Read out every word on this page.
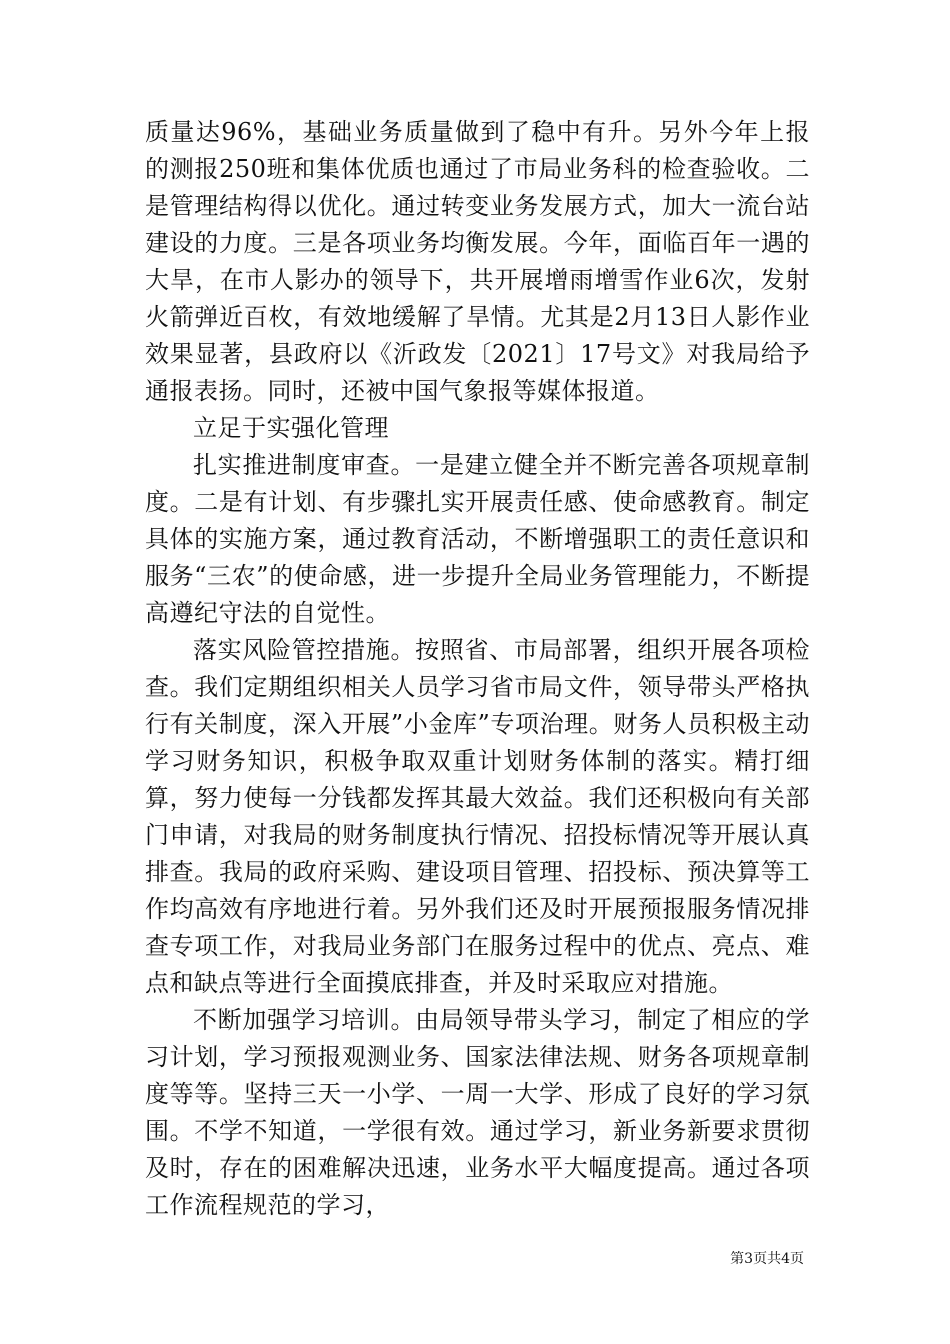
质量达96%，基础业务质量做到了稳中有升。另外今年上报的测报250班和集体优质也通过了市局业务科的检查验收。二是管理结构得以优化。通过转变业务发展方式，加大一流台站建设的力度。三是各项业务均衡发展。今年，面临百年一遇的大旱，在市人影办的领导下，共开展增雨增雪作业6次，发射火箭弹近百枚，有效地缓解了旱情。尤其是2月13日人影作业效果显著，县政府以《沂政发〔2021〕17号文》对我局给予通报表扬。同时，还被中国气象报等媒体报道。

立足于实强化管理

扎实推进制度审查。一是建立健全并不断完善各项规章制度。二是有计划、有步骤扎实开展责任感、使命感教育。制定具体的实施方案，通过教育活动，不断增强职工的责任意识和服务“三农”的使命感，进一步提升全局业务管理能力，不断提高遵纪守法的自觉性。

落实风险管控措施。按照省、市局部署，组织开展各项检查。我们定期组织相关人员学习省市局文件，领导带头严格执行有关制度，深入开展”小金库”专项治理。财务人员积极主动学习财务知识，积极争取双重计划财务体制的落实。精打细算，努力使每一分钱都发挥其最大效益。我们还积极向有关部门申请，对我局的财务制度执行情况、招投标情况等开展认真排查。我局的政府采购、建设项目管理、招投标、预决算等工作均高效有序地进行着。另外我们还及时开展预报服务情况排查专项工作，对我局业务部门在服务过程中的优点、亮点、难点和缺点等进行全面摸底排查，并及时采取应对措施。

不断加强学习培训。由局领导带头学习，制定了相应的学习计划，学习预报观测业务、国家法律法规、财务各项规章制度等等。坚持三天一小学、一周一大学、形成了良好的学习氛围。不学不知道，一学很有效。通过学习，新业务新要求贯彻及时，存在的困难解决迅速，业务水平大幅度提高。通过各项工作流程规范的学习，

第3页共4页
